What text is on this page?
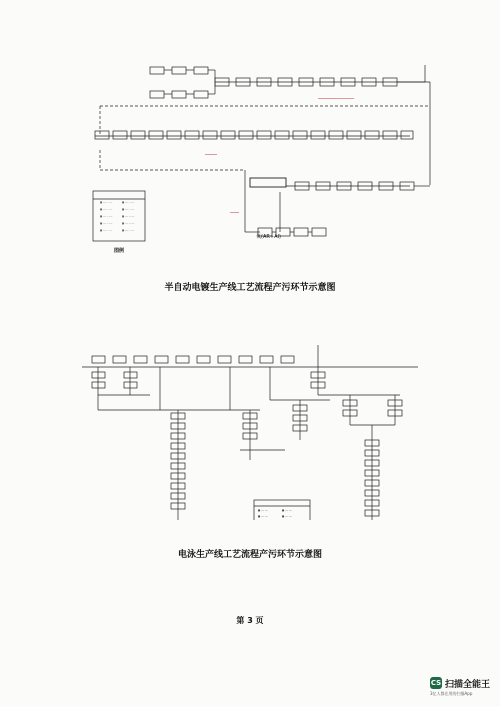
■ ── ─ ──	■ ── ─ ──
■ ── ─ ──	■ ── ─ ──
■ ── ─ ──	■ ── ─ ──
■ ── ─ ──	■ ── ─ ──
■ ── ─ ──	■ ── ─ ──
━━━━━━━━━━━━━━━━━━━━━━━━
━━━━━━━━
━━━━━━
氧(AR+AI)
图例
半自动电镀生产线工艺流程产污环节示意图
■ ── ──	■ ── ──
■ ── ──	■ ── ──
电泳生产线工艺流程产污环节示意图
第 3 页
CS 扫描全能王
3亿人都在用的扫描App
